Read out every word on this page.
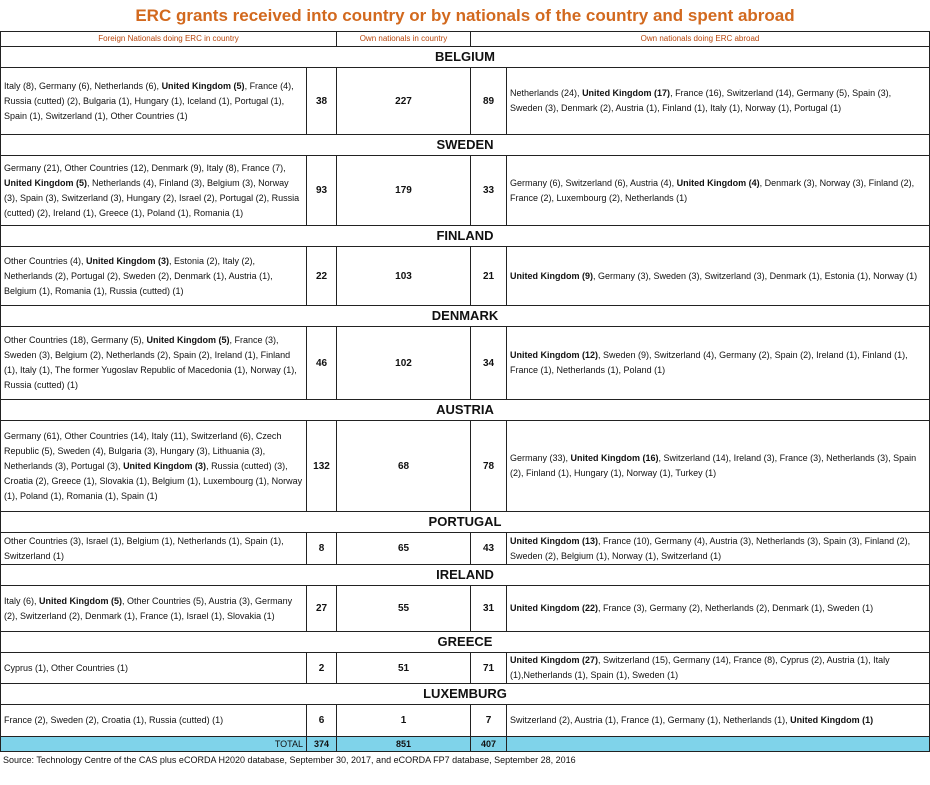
ERC grants received into country or by nationals of the country and spent abroad
Foreign Nationals doing ERC in country		Own nationals in country	Own nationals doing ERC abroad	
BELGIUM				
Italy (8), Germany (6), Netherlands (6), United Kingdom (5), France (4), Russia (cutted) (2), Bulgaria (1), Hungary (1), Iceland (1), Portugal (1), Spain (1), Switzerland (1), Other Countries (1)	38	227	89	Netherlands (24), United Kingdom (17), France (16), Switzerland (14), Germany (5), Spain (3), Sweden (3), Denmark (2), Austria (1), Finland (1), Italy (1), Norway (1), Portugal (1)
SWEDEN				
Germany (21), Other Countries (12), Denmark (9), Italy (8), France (7), United Kingdom (5), Netherlands (4), Finland (3), Belgium (3), Norway (3), Spain (3), Switzerland (3), Hungary (2), Israel (2), Portugal (2), Russia (cutted) (2), Ireland (1), Greece (1), Poland (1), Romania (1)	93	179	33	Germany (6), Switzerland (6), Austria (4), United Kingdom (4), Denmark (3), Norway (3), Finland (2), France (2), Luxembourg (2), Netherlands (1)
FINLAND				
Other Countries (4), United Kingdom (3), Estonia (2), Italy (2), Netherlands (2), Portugal (2), Sweden (2), Denmark (1), Austria (1), Belgium (1), Romania (1), Russia (cutted) (1)	22	103	21	United Kingdom (9), Germany (3), Sweden (3), Switzerland (3), Denmark (1), Estonia (1), Norway (1)
DENMARK				
Other Countries (18), Germany (5), United Kingdom (5), France (3), Sweden (3), Belgium (2), Netherlands (2), Spain (2), Ireland (1), Finland (1), Italy (1), The former Yugoslav Republic of Macedonia (1), Norway (1), Russia (cutted) (1)	46	102	34	United Kingdom (12), Sweden (9), Switzerland (4), Germany (2), Spain (2), Ireland (1), Finland (1), France (1), Netherlands (1), Poland (1)
AUSTRIA				
Germany (61), Other Countries (14), Italy (11), Switzerland (6), Czech Republic (5), Sweden (4), Bulgaria (3), Hungary (3), Lithuania (3), Netherlands (3), Portugal (3), United Kingdom (3), Russia (cutted) (3), Croatia (2), Greece (1), Slovakia (1), Belgium (1), Luxembourg (1), Norway (1), Poland (1), Romania (1), Spain (1)	132	68	78	Germany (33), United Kingdom (16), Switzerland (14), Ireland (3), France (3), Netherlands (3), Spain (2), Finland (1), Hungary (1), Norway (1), Turkey (1)
PORTUGAL				
Other Countries (3), Israel (1), Belgium (1), Netherlands (1), Spain (1), Switzerland (1)	8	65	43	United Kingdom (13), France (10), Germany (4), Austria (3), Netherlands (3), Spain (3), Finland (2), Sweden (2), Belgium (1), Norway (1), Switzerland (1)
IRELAND				
Italy (6), United Kingdom (5), Other Countries (5), Austria (3), Germany (2), Switzerland (2), Denmark (1), France (1), Israel (1), Slovakia (1)	27	55	31	United Kingdom (22), France (3), Germany (2), Netherlands (2), Denmark (1), Sweden (1)
GREECE				
Cyprus (1), Other Countries (1)	2	51	71	United Kingdom (27), Switzerland (15), Germany (14), France (8), Cyprus (2), Austria (1), Italy (1),Netherlands (1), Spain (1), Sweden (1)
LUXEMBURG				
France (2), Sweden (2), Croatia (1), Russia (cutted) (1)	6	1	7	Switzerland (2), Austria (1), France (1), Germany (1), Netherlands (1), United Kingdom (1)
TOTAL	374	851	407	
Source: Technology Centre of the CAS plus eCORDA H2020 database, September 30, 2017, and eCORDA FP7 database, September 28, 2016
